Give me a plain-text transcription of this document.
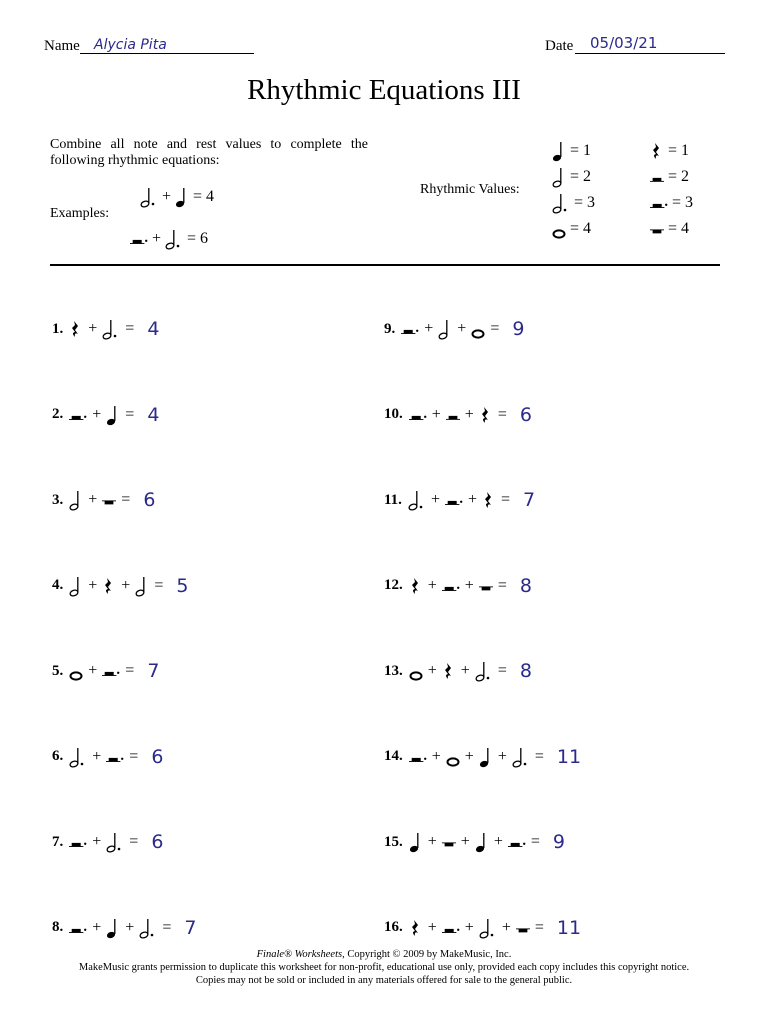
Name Alycia Pita	Date 05/03/21
Rhythmic Equations III
Combine all note and rest values to complete the following rhythmic equations:
Examples:
+ = 4
+ = 6
Rhythmic Values:
= 1
= 2
= 3
= 4
= 1
= 2
= 3
= 4
1. + = 4
2. + = 4
3. + = 6
4. + + = 5
5. + = 7
6. + = 6
7. + = 6
8. + + = 7
9. + + = 9
10. + + = 6
11. + + = 7
12. + + = 8
13. + + = 8
14. + + + = 11
15. + + + = 9
16. + + + = 11
Finale® Worksheets, Copyright © 2009 by MakeMusic, Inc.
MakeMusic grants permission to duplicate this worksheet for non-profit, educational use only, provided each copy includes this copyright notice.
Copies may not be sold or included in any materials offered for sale to the general public.
